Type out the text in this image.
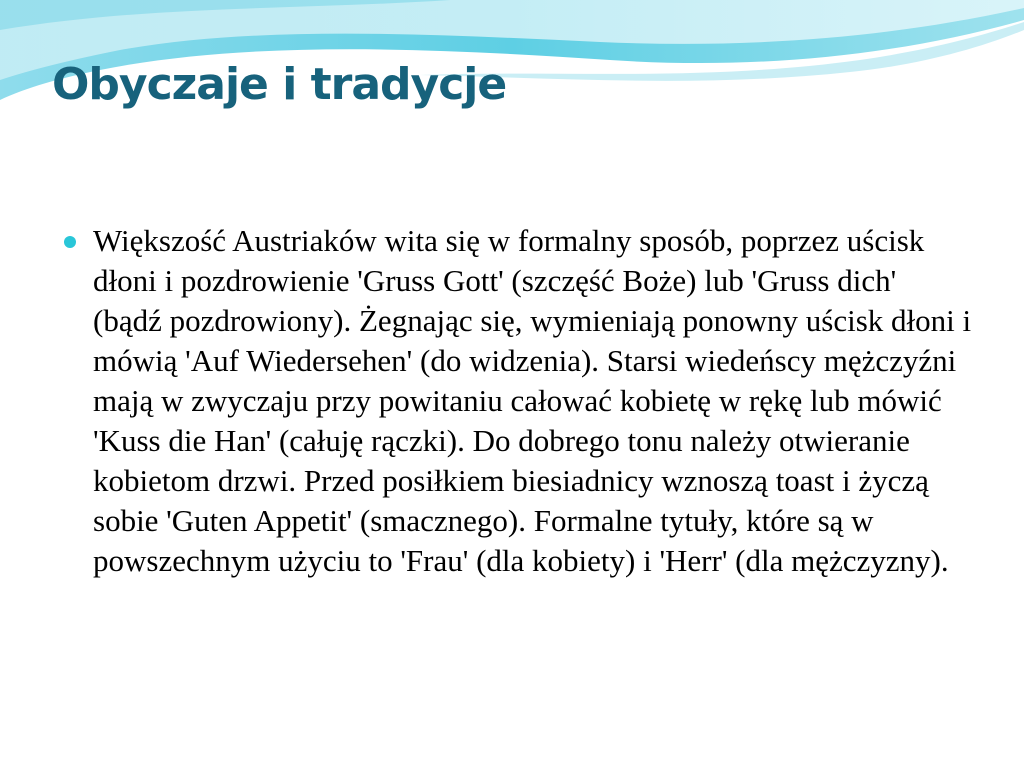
Obyczaje i tradycje

Większość Austriaków wita się w formalny sposób, poprzez uścisk dłoni i pozdrowienie 'Gruss Gott' (szczęść Boże) lub 'Gruss dich' (bądź pozdrowiony). Żegnając się, wymieniają ponowny uścisk dłoni i mówią 'Auf Wiedersehen' (do widzenia). Starsi wiedeńscy mężczyźni mają w zwyczaju przy powitaniu całować kobietę w rękę lub mówić 'Kuss die Han' (całuję rączki). Do dobrego tonu należy otwieranie kobietom drzwi. Przed posiłkiem biesiadnicy wznoszą toast i życzą sobie 'Guten Appetit' (smacznego). Formalne tytuły, które są w powszechnym użyciu to 'Frau' (dla kobiety) i 'Herr' (dla mężczyzny).
